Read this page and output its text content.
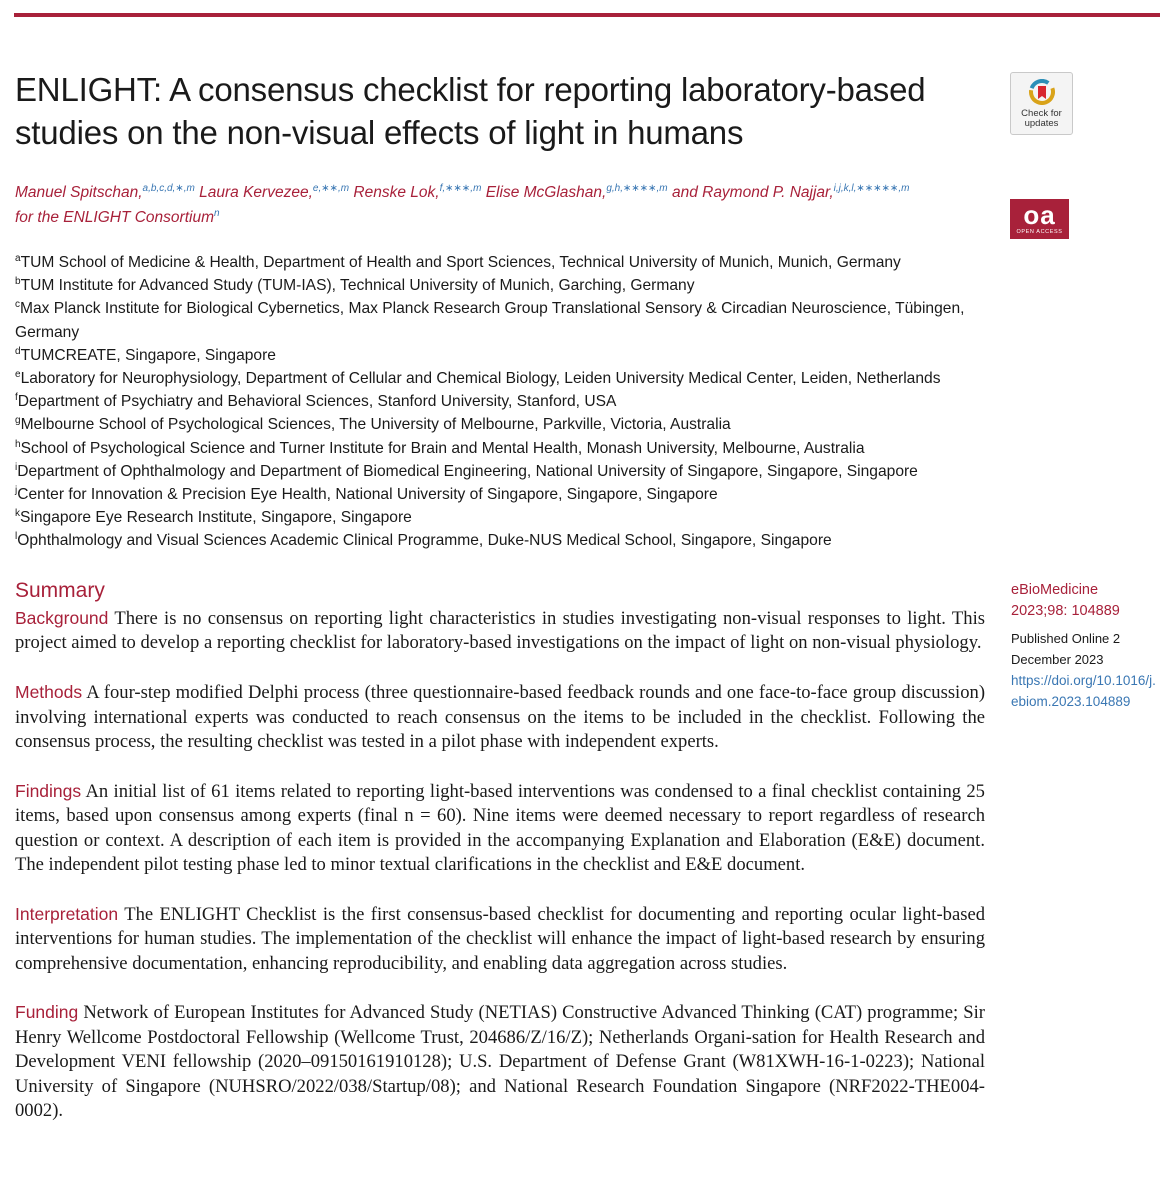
ENLIGHT: A consensus checklist for reporting laboratory-based studies on the non-visual effects of light in humans
Check for updates
oa
OPEN ACCESS
Manuel Spitschan,$^{a,b,c,d,∗,m}$ Laura Kervezee,$^{e,∗∗,m}$ Renske Lok,$^{f,∗∗∗,m}$ Elise McGlashan,$^{g,h,∗∗∗∗,m}$ and Raymond P. Najjar,$^{i,j,k,l,∗∗∗∗∗,m}$
for the ENLIGHT Consortium$^n$
$^a$TUM School of Medicine & Health, Department of Health and Sport Sciences, Technical University of Munich, Munich, Germany
$^b$TUM Institute for Advanced Study (TUM-IAS), Technical University of Munich, Garching, Germany
$^c$Max Planck Institute for Biological Cybernetics, Max Planck Research Group Translational Sensory & Circadian Neuroscience, Tübingen, Germany
$^d$TUMCREATE, Singapore, Singapore
$^e$Laboratory for Neurophysiology, Department of Cellular and Chemical Biology, Leiden University Medical Center, Leiden, Netherlands
$^f$Department of Psychiatry and Behavioral Sciences, Stanford University, Stanford, USA
$^g$Melbourne School of Psychological Sciences, The University of Melbourne, Parkville, Victoria, Australia
$^h$School of Psychological Science and Turner Institute for Brain and Mental Health, Monash University, Melbourne, Australia
$^i$Department of Ophthalmology and Department of Biomedical Engineering, National University of Singapore, Singapore, Singapore
$^j$Center for Innovation & Precision Eye Health, National University of Singapore, Singapore, Singapore
$^k$Singapore Eye Research Institute, Singapore, Singapore
$^l$Ophthalmology and Visual Sciences Academic Clinical Programme, Duke-NUS Medical School, Singapore, Singapore
Summary

Background There is no consensus on reporting light characteristics in studies investigating non-visual responses to light. This project aimed to develop a reporting checklist for laboratory-based investigations on the impact of light on non-visual physiology.

Methods A four-step modified Delphi process (three questionnaire-based feedback rounds and one face-to-face group discussion) involving international experts was conducted to reach consensus on the items to be included in the checklist. Following the consensus process, the resulting checklist was tested in a pilot phase with independent experts.

Findings An initial list of 61 items related to reporting light-based interventions was condensed to a final checklist containing 25 items, based upon consensus among experts (final n = 60). Nine items were deemed necessary to report regardless of research question or context. A description of each item is provided in the accompanying Explanation and Elaboration (E&E) document. The independent pilot testing phase led to minor textual clarifications in the checklist and E&E document.

Interpretation The ENLIGHT Checklist is the first consensus-based checklist for documenting and reporting ocular light-based interventions for human studies. The implementation of the checklist will enhance the impact of light-based research by ensuring comprehensive documentation, enhancing reproducibility, and enabling data aggregation across studies.

Funding Network of European Institutes for Advanced Study (NETIAS) Constructive Advanced Thinking (CAT) programme; Sir Henry Wellcome Postdoctoral Fellowship (Wellcome Trust, 204686/Z/16/Z); Netherlands Organi-sation for Health Research and Development VENI fellowship (2020–09150161910128); U.S. Department of Defense Grant (W81XWH-16-1-0223); National University of Singapore (NUHSRO/2022/038/Startup/08); and National Research Foundation Singapore (NRF2022-THE004-0002).

eBioMedicine
2023;98: 104889
Published Online 2 December 2023
https://doi.org/10.1016/j.ebiom.2023.104889
